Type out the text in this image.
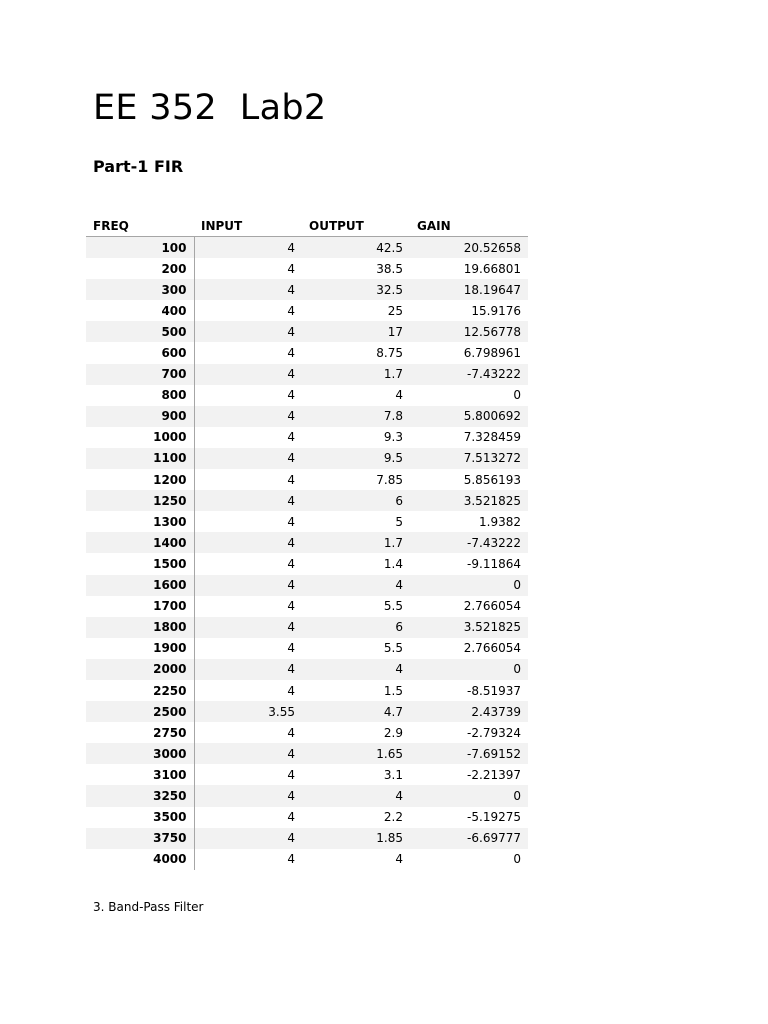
EE 352  Lab2
Part-1 FIR
FREQ	INPUT	OUTPUT	GAIN
100	4	42.5	20.52658
200	4	38.5	19.66801
300	4	32.5	18.19647
400	4	25	15.9176
500	4	17	12.56778
600	4	8.75	6.798961
700	4	1.7	-7.43222
800	4	4	0
900	4	7.8	5.800692
1000	4	9.3	7.328459
1100	4	9.5	7.513272
1200	4	7.85	5.856193
1250	4	6	3.521825
1300	4	5	1.9382
1400	4	1.7	-7.43222
1500	4	1.4	-9.11864
1600	4	4	0
1700	4	5.5	2.766054
1800	4	6	3.521825
1900	4	5.5	2.766054
2000	4	4	0
2250	4	1.5	-8.51937
2500	3.55	4.7	2.43739
2750	4	2.9	-2.79324
3000	4	1.65	-7.69152
3100	4	3.1	-2.21397
3250	4	4	0
3500	4	2.2	-5.19275
3750	4	1.85	-6.69777
4000	4	4	0

3. Band-Pass Filter
